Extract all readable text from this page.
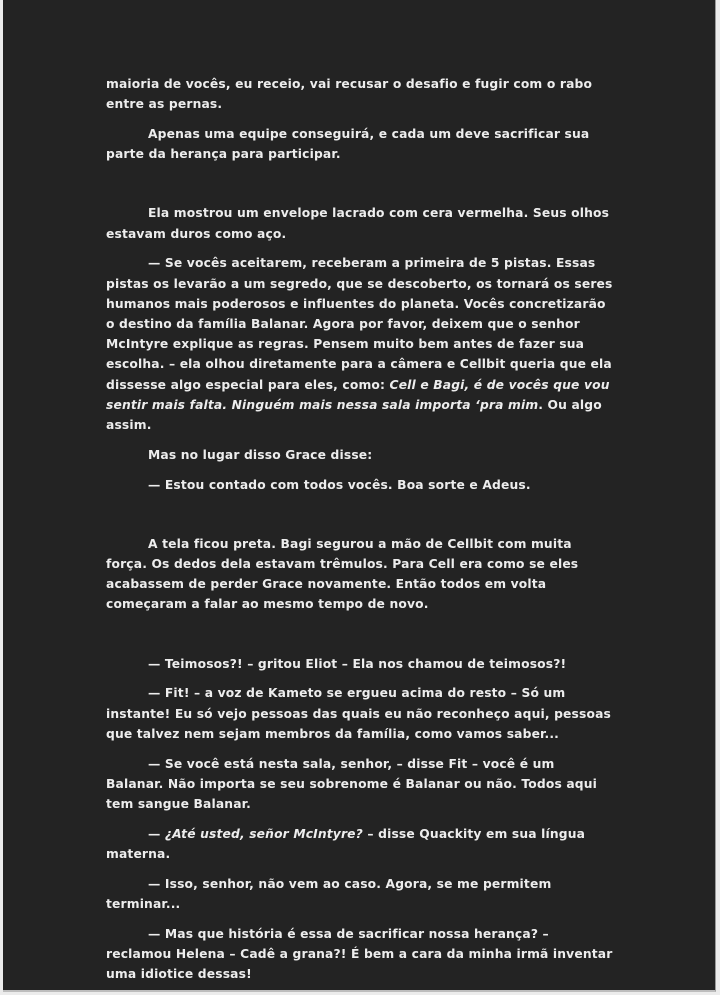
maioria de vocês, eu receio, vai recusar o desafio e fugir com o rabo entre as pernas.

Apenas uma equipe conseguirá, e cada um deve sacrificar sua parte da herança para participar.

Ela mostrou um envelope lacrado com cera vermelha. Seus olhos estavam duros como aço.

— Se vocês aceitarem, receberam a primeira de 5 pistas. Essas pistas os levarão a um segredo, que se descoberto, os tornará os seres humanos mais poderosos e influentes do planeta. Vocês concretizarão o destino da família Balanar. Agora por favor, deixem que o senhor McIntyre explique as regras. Pensem muito bem antes de fazer sua escolha. – ela olhou diretamente para a câmera e Cellbit queria que ela dissesse algo especial para eles, como: Cell e Bagi, é de vocês que vou sentir mais falta. Ninguém mais nessa sala importa ‘pra mim. Ou algo assim.

Mas no lugar disso Grace disse:

— Estou contado com todos vocês. Boa sorte e Adeus.

A tela ficou preta. Bagi segurou a mão de Cellbit com muita força. Os dedos dela estavam trêmulos. Para Cell era como se eles acabassem de perder Grace novamente. Então todos em volta começaram a falar ao mesmo tempo de novo.

— Teimosos?! – gritou Eliot – Ela nos chamou de teimosos?!

— Fit! – a voz de Kameto se ergueu acima do resto – Só um instante! Eu só vejo pessoas das quais eu não reconheço aqui, pessoas que talvez nem sejam membros da família, como vamos saber...

— Se você está nesta sala, senhor, – disse Fit – você é um Balanar. Não importa se seu sobrenome é Balanar ou não. Todos aqui tem sangue Balanar.

— ¿Até usted, señor McIntyre? – disse Quackity em sua língua materna.

— Isso, senhor, não vem ao caso. Agora, se me permitem terminar...

— Mas que história é essa de sacrificar nossa herança? – reclamou Helena – Cadê a grana?! É bem a cara da minha irmã inventar uma idiotice dessas!
